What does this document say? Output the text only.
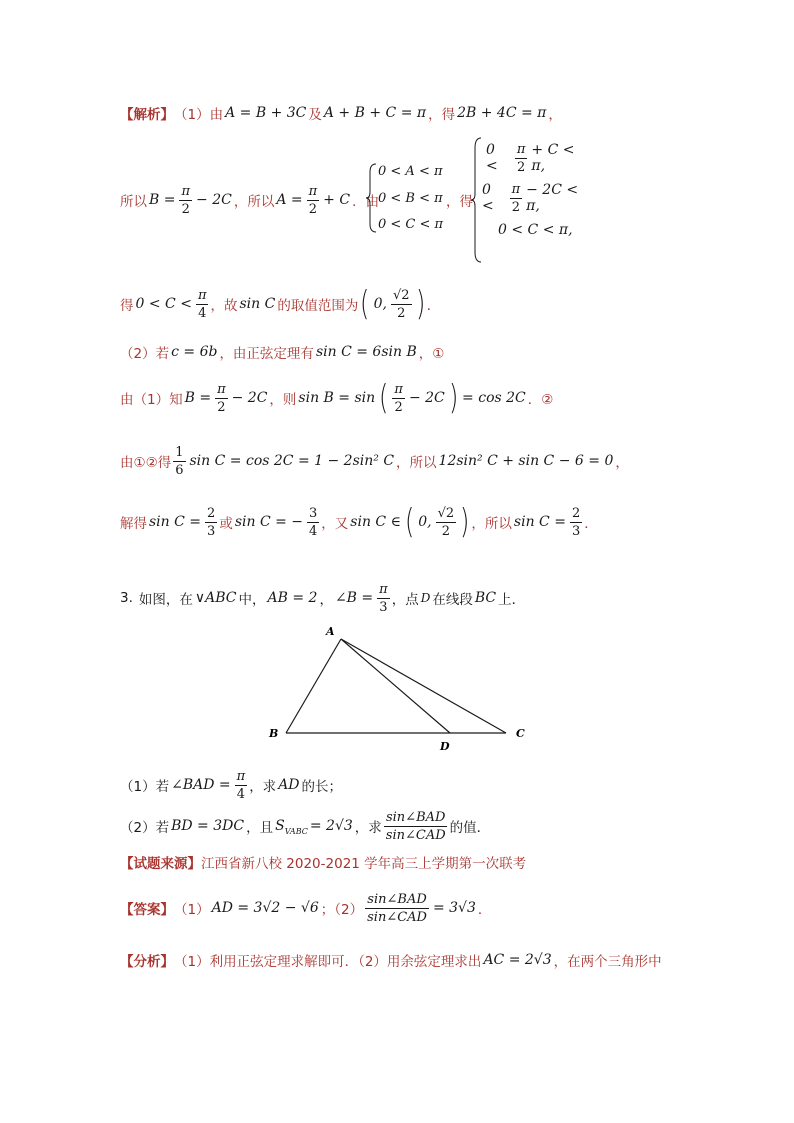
【解析】 （1）由 A = B + 3C 及 A + B + C = π ，得 2B + 4C = π ，
所以 $B = \frac{\pi}{2} - 2C$ ，所以 $A = \frac{\pi}{2} + C$ ．由
0 < A < π
0 < B < π
0 < C < π
，得
0 <	$\frac{\pi}{2} + C < \pi$,
0 <	$\frac{\pi}{2} - 2C < \pi$,
0 < C < π,
得 $0 < C < \frac{\pi}{4}$ ，故 sin C 的取值范围为 ( 0, $\frac{√2}{2}$ ) ．
（2）若 c = 6b ，由正弦定理有 sin C = 6sin B ，①
由（1）知 $B = \frac{\pi}{2} - 2C$ ，则 sin B = sin ( $\frac{\pi}{2} - 2C$ ) = cos 2C ．②
由①②得 $\frac{1}{6}$ sin C = cos 2C = 1 − 2sin² C ，所以 12sin² C + sin C − 6 = 0 ，
解得 $\sin C = \frac{2}{3}$ 或 sin C = − $\frac{3}{4}$ ，又 sin C ∈ ( 0, $\frac{√2}{2}$ ) ，所以 $\sin C = \frac{2}{3}$ ．
3. 如图，在 ∨ABC 中， AB = 2 ， ∠B = $\frac{\pi}{3}$ ，点 D 在线段 BC 上．
A
B	C
D
（1）若 ∠BAD = $\frac{\pi}{4}$ ，求 AD 的长；
（2）若 BD = 3DC ，且 S VABC = 2√3 ，求 $\frac{\text{sin∠BAD}}{\text{sin∠CAD}}$ 的值．
【试题来源】 江西省新八校 2020-2021 学年高三上学期第一次联考
【答案】 （1） AD = 3√2 − √6 ；$(2) \frac{\text{sin∠BAD}}{\text{sin∠CAD}} = 3√3$ ．
【分析】 （1）利用正弦定理求解即可．（2）用余弦定理求出 AC = 2√3 ，在两个三角形中
